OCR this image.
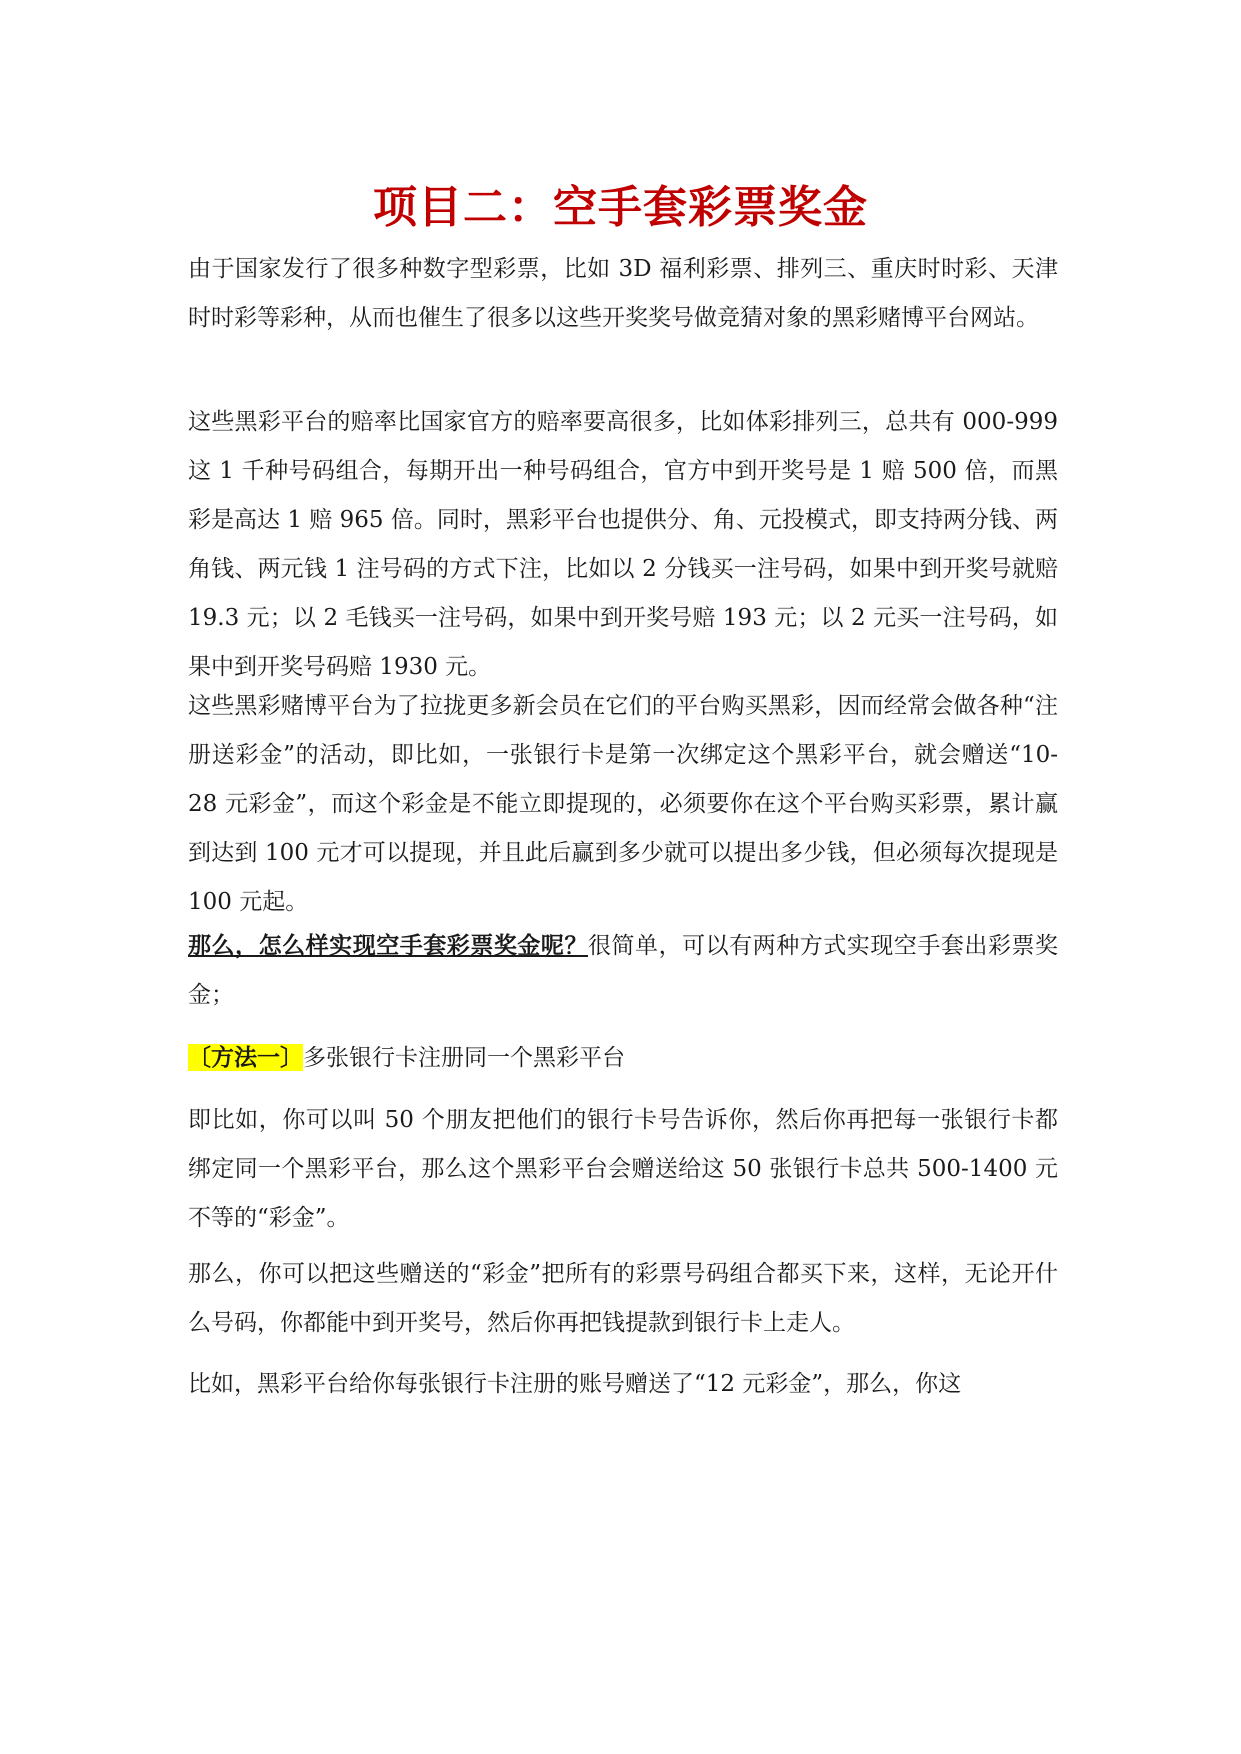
项目二：空手套彩票奖金

由于国家发行了很多种数字型彩票，比如 3D 福利彩票、排列三、重庆时时彩、天津时时彩等彩种，从而也催生了很多以这些开奖奖号做竞猜对象的黑彩赌博平台网站。

这些黑彩平台的赔率比国家官方的赔率要高很多，比如体彩排列三，总共有 000-999 这 1 千种号码组合，每期开出一种号码组合，官方中到开奖号是 1 赔 500 倍，而黑彩是高达 1 赔 965 倍。同时，黑彩平台也提供分、角、元投模式，即支持两分钱、两角钱、两元钱 1 注号码的方式下注，比如以 2 分钱买一注号码，如果中到开奖号就赔 19.3 元；以 2 毛钱买一注号码，如果中到开奖号赔 193 元；以 2 元买一注号码，如果中到开奖号码赔 1930 元。

这些黑彩赌博平台为了拉拢更多新会员在它们的平台购买黑彩，因而经常会做各种“注册送彩金”的活动，即比如，一张银行卡是第一次绑定这个黑彩平台，就会赠送“10-28 元彩金”，而这个彩金是不能立即提现的，必须要你在这个平台购买彩票，累计赢到达到 100 元才可以提现，并且此后赢到多少就可以提出多少钱，但必须每次提现是 100 元起。

那么，怎么样实现空手套彩票奖金呢？很简单，可以有两种方式实现空手套出彩票奖金；

〔方法一〕多张银行卡注册同一个黑彩平台

即比如，你可以叫 50 个朋友把他们的银行卡号告诉你，然后你再把每一张银行卡都绑定同一个黑彩平台，那么这个黑彩平台会赠送给这 50 张银行卡总共 500-1400 元不等的“彩金”。

那么，你可以把这些赠送的“彩金”把所有的彩票号码组合都买下来，这样，无论开什么号码，你都能中到开奖号，然后你再把钱提款到银行卡上走人。

比如，黑彩平台给你每张银行卡注册的账号赠送了“12 元彩金”，那么，你这
